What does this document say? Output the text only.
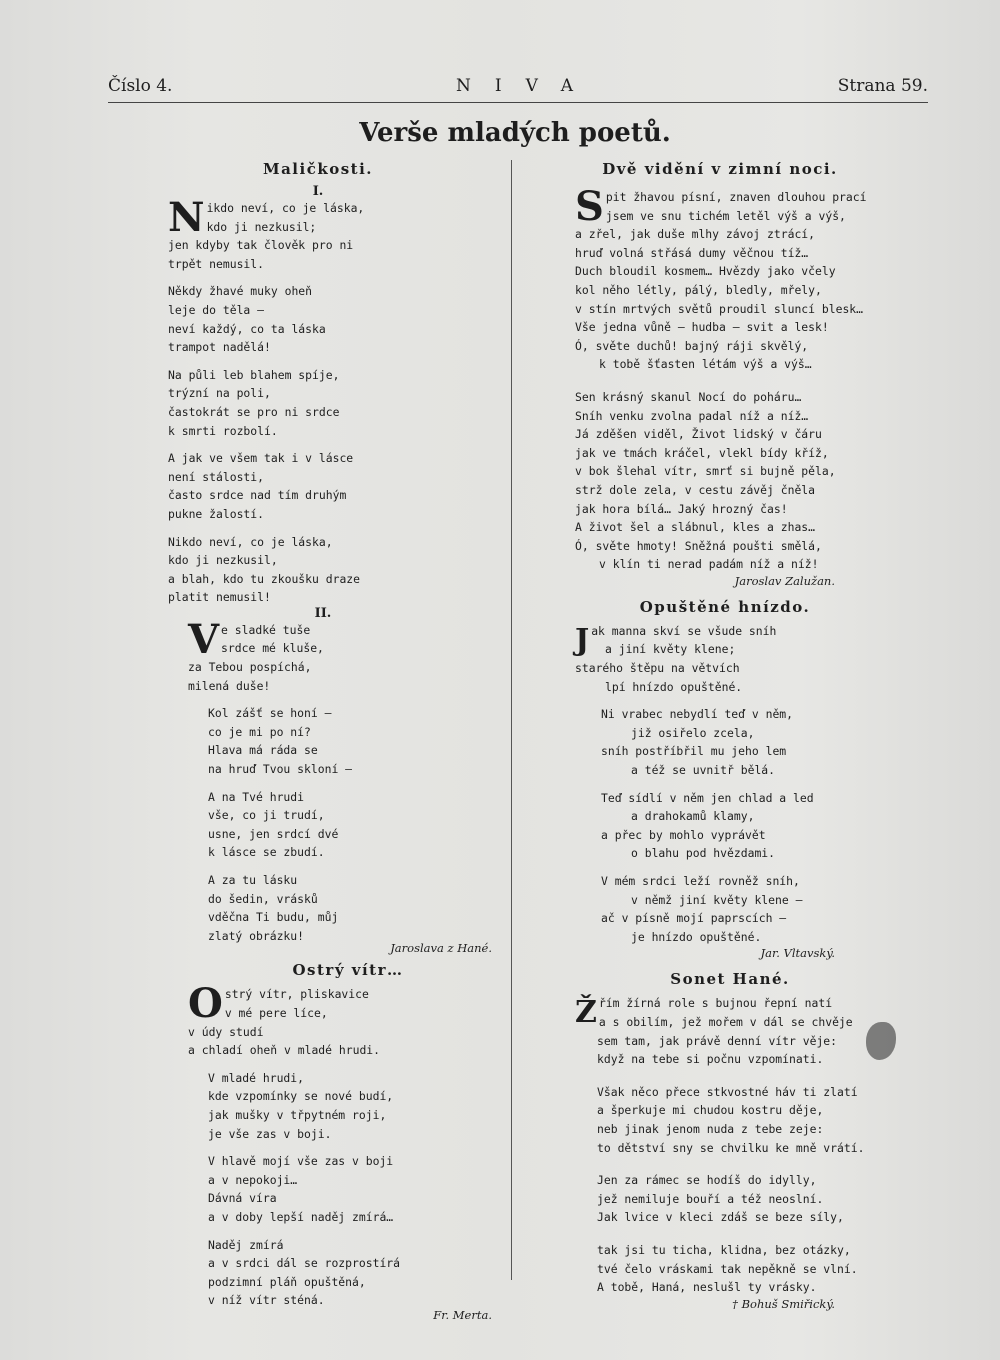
Číslo 4.	NIVA	Strana 59.
Verše mladých poetů.
Maličkosti.
I.
N ikdo neví, co je láska,
kdo ji nezkusil;
jen kdyby tak člověk pro ni
trpět nemusil.
Někdy žhavé muky oheň
leje do těla —
neví každý, co ta láska
trampot nadělá!
Na půli leb blahem spíje,
trýzní na poli,
častokrát se pro ni srdce
k smrti rozbolí.
A jak ve všem tak i v lásce
není stálosti,
často srdce nad tím druhým
pukne žalostí.
Nikdo neví, co je láska,
kdo ji nezkusil,
a blah, kdo tu zkoušku draze
platit nemusil!
II.
V e sladké tuše
srdce mé kluše,
za Tebou pospíchá,
milená duše!
Kol zášť se honí —
co je mi po ní?
Hlava má ráda se
na hruď Tvou skloní —
A na Tvé hrudi
vše, co ji trudí,
usne, jen srdcí dvé
k lásce se zbudí.
A za tu lásku
do šedin, vrásků
vděčna Ti budu, můj
zlatý obrázku!
Jaroslava z Hané.
Ostrý vítr…
O strý vítr, pliskavice
v mé pere líce,
v údy studí
a chladí oheň v mladé hrudi.
V mladé hrudi,
kde vzpomínky se nové budí,
jak mušky v třpytném roji,
je vše zas v boji.
V hlavě mojí vše zas v boji
a v nepokoji…
Dávná víra
a v doby lepší naděj zmírá…
Naděj zmírá
a v srdci dál se rozprostírá
podzimní pláň opuštěná,
v níž vítr sténá.
Fr. Merta.
Dvě vidění v zimní noci.
S pit žhavou písní, znaven dlouhou prací
jsem ve snu tichém letěl výš a výš,
a zřel, jak duše mlhy závoj ztrácí,
hruď volná střásá dumy věčnou tíž…
Duch bloudil kosmem… Hvězdy jako včely
kol něho létly, pálý, bledly, mřely,
v stín mrtvých světů proudil sluncí blesk…
Vše jedna vůně — hudba — svit a lesk!
Ó, světe duchů! bajný ráji skvělý,
k tobě šťasten létám výš a výš…
Sen krásný skanul Nocí do poháru…
Sníh venku zvolna padal níž a níž…
Já zděšen viděl, Život lidský v čáru
jak ve tmách kráčel, vlekl bídy kříž,
v bok šlehal vítr, smrť si bujně pěla,
strž dole zela, v cestu závěj čněla
jak hora bílá… Jaký hrozný čas!
A život šel a slábnul, kles a zhas…
Ó, světe hmoty! Sněžná poušti smělá,
v klín ti nerad padám níž a níž!
Jaroslav Zalužan.
Opuštěné hnízdo.
J ak manna skví se všude sníh
a jiní květy klene;
starého štěpu na větvích
lpí hnízdo opuštěné.
Ni vrabec nebydlí teď v něm,
již osiřelo zcela,
sníh postříbřil mu jeho lem
a též se uvnitř bělá.
Teď sídlí v něm jen chlad a led
a drahokamů klamy,
a přec by mohlo vyprávět
o blahu pod hvězdami.
V mém srdci leží rovněž sníh,
v němž jiní květy klene —
ač v písně mojí paprscích —
je hnízdo opuštěné.
Jar. Vltavský.
Sonet Hané.
Ž řím žírná role s bujnou řepní natí
a s obilím, jež mořem v dál se chvěje
sem tam, jak právě denní vítr věje:
když na tebe si počnu vzpomínati.
Však něco přece stkvostné háv ti zlatí
a šperkuje mi chudou kostru děje,
neb jinak jenom nuda z tebe zeje:
to dětství sny se chvilku ke mně vrátí.
Jen za rámec se hodíš do idylly,
jež nemiluje bouří a též neoslní.
Jak lvice v kleci zdáš se beze síly,
tak jsi tu ticha, klidna, bez otázky,
tvé čelo vráskami tak nepěkně se vlní.
A tobě, Haná, neslušl ty vrásky.
† Bohuš Smiřický.
